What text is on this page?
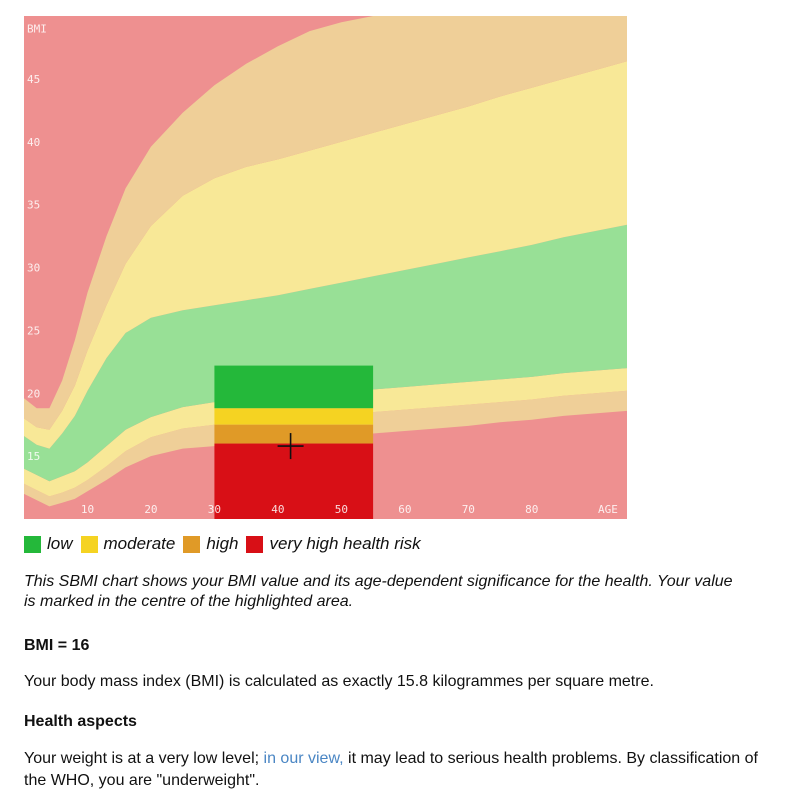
10	20	30	40	50	60	70	80	AGE
15
20
25
30
35
40
45
BMI
low moderate high very high health risk
This SBMI chart shows your BMI value and its age-dependent significance for the health. Your value is marked in the centre of the highlighted area.
BMI = 16
Your body mass index (BMI) is calculated as exactly 15.8 kilogrammes per square metre.
Health aspects
Your weight is at a very low level; in our view, it may lead to serious health problems. By classification of the WHO, you are "underweight".
